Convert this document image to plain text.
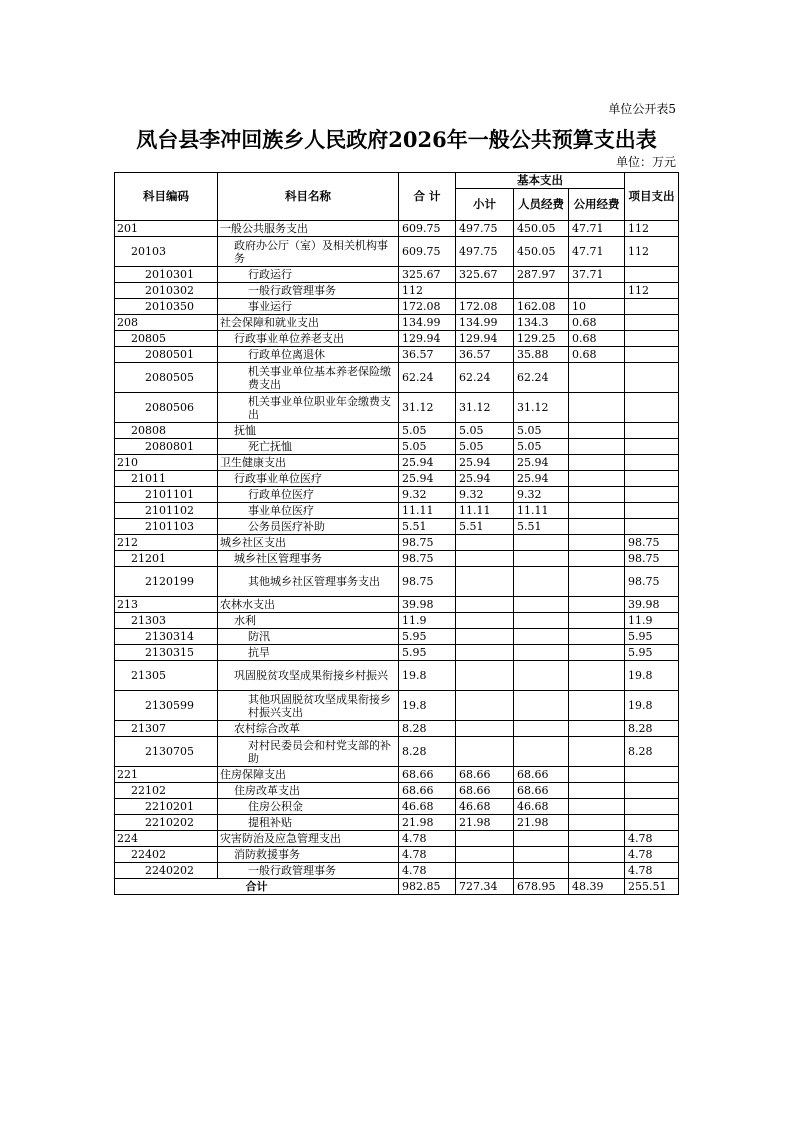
单位公开表5
凤台县李冲回族乡人民政府2026年一般公共预算支出表
单位：万元
科目编码	科目名称	合 计	基本支出			项目支出
			小计	人员经费	公用经费	
201	一般公共服务支出	609.75	497.75	450.05	47.71	112
20103	政府办公厅（室）及相关机构事务	609.75	497.75	450.05	47.71	112
2010301	行政运行	325.67	325.67	287.97	37.71	
2010302	一般行政管理事务	112				112
2010350	事业运行	172.08	172.08	162.08	10	
208	社会保障和就业支出	134.99	134.99	134.3	0.68	
20805	行政事业单位养老支出	129.94	129.94	129.25	0.68	
2080501	行政单位离退休	36.57	36.57	35.88	0.68	
2080505	机关事业单位基本养老保险缴费支出	62.24	62.24	62.24		
2080506	机关事业单位职业年金缴费支出	31.12	31.12	31.12		
20808	抚恤	5.05	5.05	5.05		
2080801	死亡抚恤	5.05	5.05	5.05		
210	卫生健康支出	25.94	25.94	25.94		
21011	行政事业单位医疗	25.94	25.94	25.94		
2101101	行政单位医疗	9.32	9.32	9.32		
2101102	事业单位医疗	11.11	11.11	11.11		
2101103	公务员医疗补助	5.51	5.51	5.51		
212	城乡社区支出	98.75				98.75
21201	城乡社区管理事务	98.75				98.75
2120199	其他城乡社区管理事务支出	98.75				98.75
213	农林水支出	39.98				39.98
21303	水利	11.9				11.9
2130314	防汛	5.95				5.95
2130315	抗旱	5.95				5.95
21305	巩固脱贫攻坚成果衔接乡村振兴	19.8				19.8
2130599	其他巩固脱贫攻坚成果衔接乡村振兴支出	19.8				19.8
21307	农村综合改革	8.28				8.28
2130705	对村民委员会和村党支部的补助	8.28				8.28
221	住房保障支出	68.66	68.66	68.66		
22102	住房改革支出	68.66	68.66	68.66		
2210201	住房公积金	46.68	46.68	46.68		
2210202	提租补贴	21.98	21.98	21.98		
224	灾害防治及应急管理支出	4.78				4.78
22402	消防救援事务	4.78				4.78
2240202	一般行政管理事务	4.78				4.78
合计		982.85	727.34	678.95	48.39	255.51
